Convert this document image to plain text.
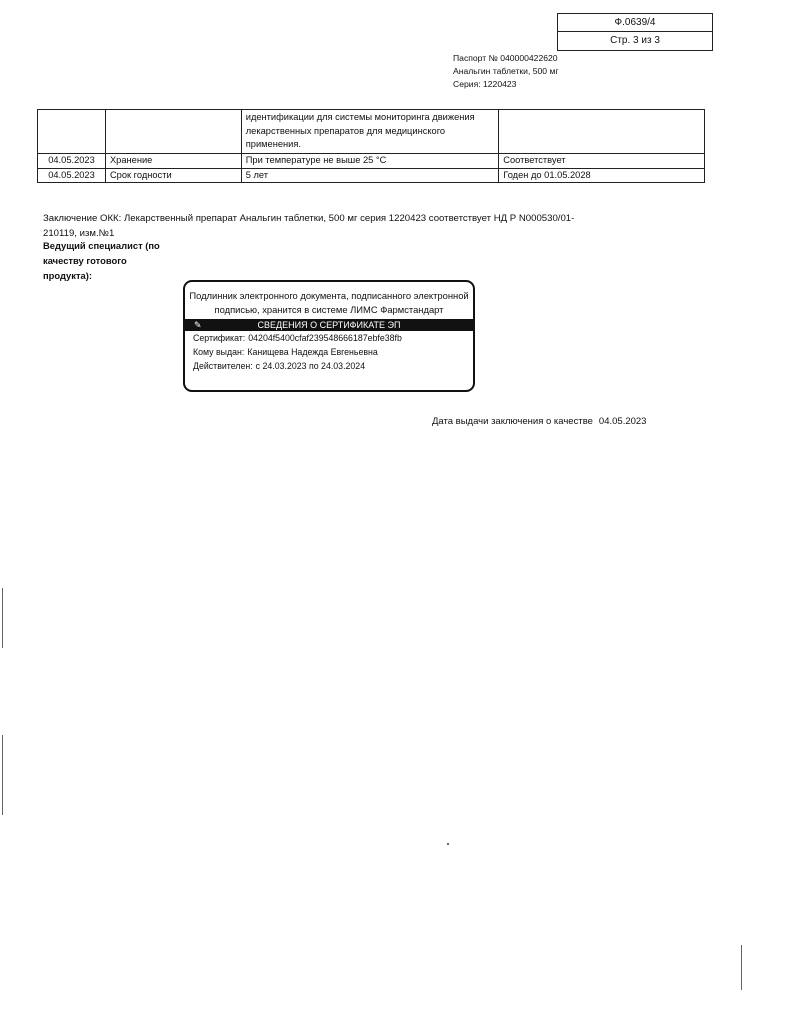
Ф.0639/4
Стр. 3 из 3
Паспорт № 040000422620
Анальгин таблетки, 500 мг
Серия: 1220423
		идентификации для системы мониторинга движения лекарственных препаратов для медицинского применения.	
04.05.2023	Хранение	При температуре не выше 25 °С	Соответствует
04.05.2023	Срок годности	5 лет	Годен до 01.05.2028
Заключение ОКК: Лекарственный препарат Анальгин таблетки, 500 мг серия 1220423 соответствует НД Р N000530/01-210119, изм.№1
Ведущий специалист (по качеству готового продукта):
Подлинник электронного документа, подписанного электронной подписью, хранится в системе ЛИМС Фармстандарт
✎	СВЕДЕНИЯ О СЕРТИФИКАТЕ ЭП
Сертификат: 04204f5400cfaf239548666187ebfe38fb
Кому выдан: Канищева Надежда Евгеньевна
Действителен: с 24.03.2023 по 24.03.2024
Дата выдачи заключения о качестве 04.05.2023
